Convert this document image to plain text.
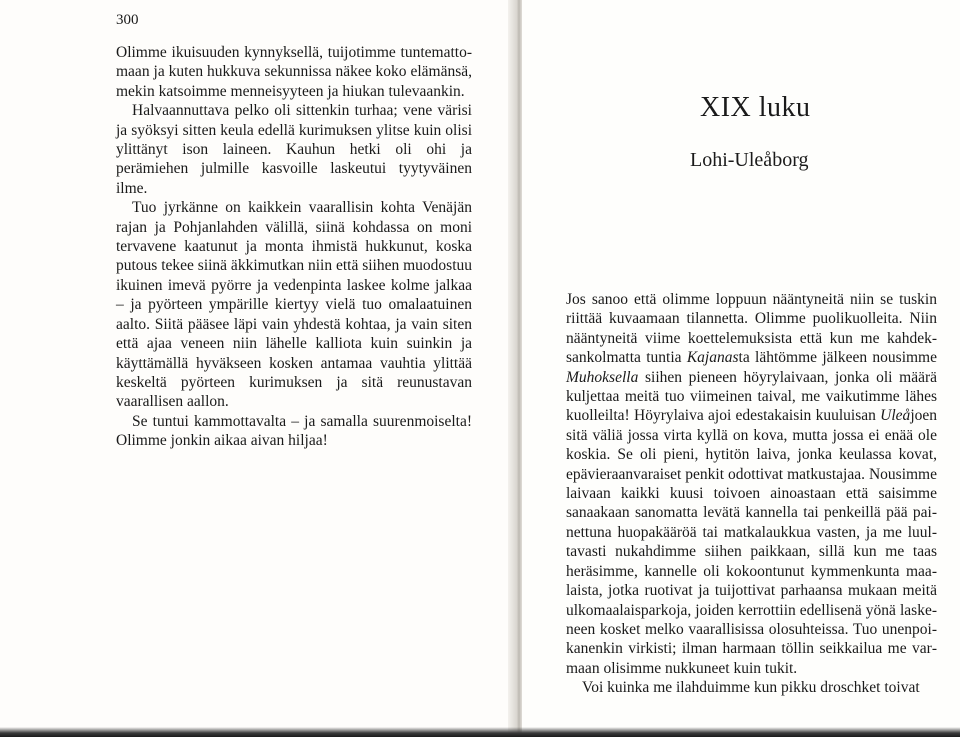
300

Olimme ikuisuuden kynnyksellä, tuijotimme tuntemattomaan ja kuten hukkuva sekunnissa näkee koko elämänsä, mekin katsoimme menneisyyteen ja hiukan tulevaankin.

Halvaannuttava pelko oli sittenkin turhaa; vene värisi ja syöksyi sitten keula edellä kurimuksen ylitse kuin olisi ylittänyt ison laineen. Kauhun hetki oli ohi ja perämiehen julmille kasvoille laskeutui tyytyväinen ilme.

Tuo jyrkänne on kaikkein vaarallisin kohta Venäjän rajan ja Pohjanlahden välillä, siinä kohdassa on moni tervavene kaatunut ja monta ihmistä hukkunut, koska putous tekee siinä äkkimutkan niin että siihen muodostuu ikuinen imevä pyörre ja vedenpinta laskee kolme jalkaa – ja pyörteen ympärille kiertyy vielä tuo omalaatuinen aalto. Siitä pääsee läpi vain yhdestä kohtaa, ja vain siten että ajaa veneen niin lähelle kalliota kuin suinkin ja käyttämällä hyväkseen kosken antamaa vauhtia ylittää keskeltä pyörteen kurimuksen ja sitä reunustavan vaarallisen aallon.

Se tuntui kammottavalta – ja samalla suurenmoiselta! Olimme jonkin aikaa aivan hiljaa!

XIX luku
Lohi-Uleåborg

Jos sanoo että olimme loppuun nääntyneitä niin se tuskin riittää kuvaamaan tilannetta. Olimme puolikuolleita. Niin nääntyneitä viime koettelemuksista että kun me kahdeksankolmatta tuntia Kajanasta lähtömme jälkeen nousimme Muhoksella siihen pieneen höyrylaivaan, jonka oli määrä kuljettaa meitä tuo viimeinen taival, me vaikutimme lähes kuolleilta! Höyrylaiva ajoi edestakaisin kuuluisan Uleåjoen sitä väliä jossa virta kyllä on kova, mutta jossa ei enää ole koskia. Se oli pieni, hytitön laiva, jonka keulassa kovat, epävieraanvaraiset penkit odottivat matkustajaa. Nousimme laivaan kaikki kuusi toivoen ainoastaan että saisimme sanaakaan sanomatta levätä kannella tai penkeillä pää painettuna huopakääröä tai matkalaukkua vasten, ja me luultavasti nukahdimme siihen paikkaan, sillä kun me taas heräsimme, kannelle oli kokoontunut kymmenkunta maalaista, jotka ruotivat ja tuijottivat parhaansa mukaan meitä ulkomaalaisparkoja, joiden kerrottiin edellisenä yönä laskeneen kosket melko vaarallisissa olosuhteissa. Tuo unenpoikanenkin virkisti; ilman harmaan töllin seikkailua me varmaan olisimme nukkuneet kuin tukit.

Voi kuinka me ilahduimme kun pikku droschket toivat
